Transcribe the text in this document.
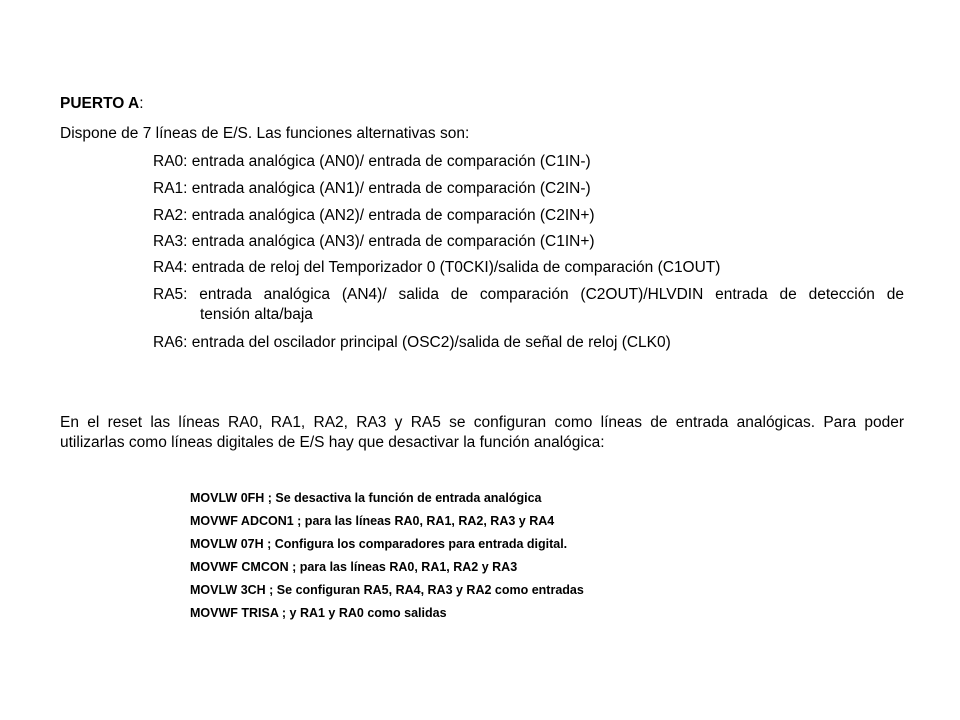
PUERTO A:
Dispone de 7 líneas de E/S. Las funciones alternativas son:
RA0: entrada analógica (AN0)/ entrada de comparación (C1IN-)
RA1: entrada analógica (AN1)/ entrada de comparación (C2IN-)
RA2: entrada analógica (AN2)/ entrada de comparación (C2IN+)
RA3: entrada analógica (AN3)/ entrada de comparación (C1IN+)
RA4: entrada de reloj del Temporizador 0 (T0CKI)/salida de comparación (C1OUT)
RA5: entrada analógica (AN4)/ salida de comparación (C2OUT)/HLVDIN entrada de detección de
tensión alta/baja
RA6: entrada del oscilador principal (OSC2)/salida de señal de reloj (CLK0)
En el reset las líneas RA0, RA1, RA2, RA3 y RA5 se configuran como líneas de entrada analógicas. Para poder
utilizarlas como líneas digitales de E/S hay que desactivar la función analógica:
MOVLW 0FH ; Se desactiva la función de entrada analógica
MOVWF ADCON1 ; para las líneas RA0, RA1, RA2, RA3 y RA4
MOVLW 07H ; Configura los comparadores para entrada digital.
MOVWF CMCON ; para las líneas RA0, RA1, RA2 y RA3
MOVLW 3CH ; Se configuran RA5, RA4, RA3 y RA2 como entradas
MOVWF TRISA ; y RA1 y RA0 como salidas
